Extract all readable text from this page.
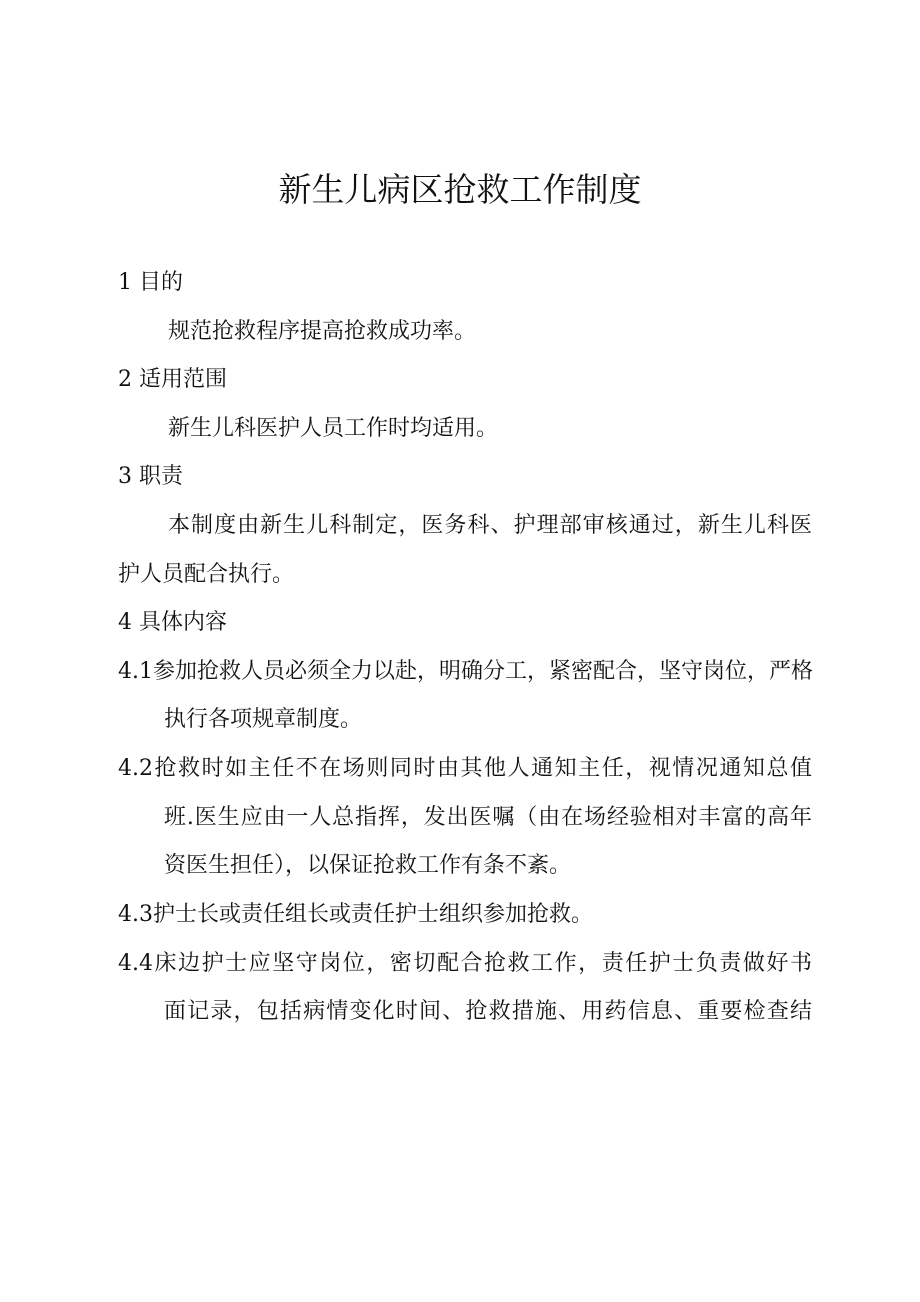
新生儿病区抢救工作制度
1 目的
规范抢救程序提高抢救成功率。
2 适用范围
新生儿科医护人员工作时均适用。
3 职责
本制度由新生儿科制定，医务科、护理部审核通过，新生儿科医
护人员配合执行。
4 具体内容
4.1参加抢救人员必须全力以赴，明确分工，紧密配合，坚守岗位，严格
执行各项规章制度。
4.2抢救时如主任不在场则同时由其他人通知主任，视情况通知总值
班.医生应由一人总指挥，发出医嘱（由在场经验相对丰富的高年
资医生担任），以保证抢救工作有条不紊。
4.3护士长或责任组长或责任护士组织参加抢救。
4.4床边护士应坚守岗位，密切配合抢救工作，责任护士负责做好书
面记录，包括病情变化时间、抢救措施、用药信息、重要检查结
